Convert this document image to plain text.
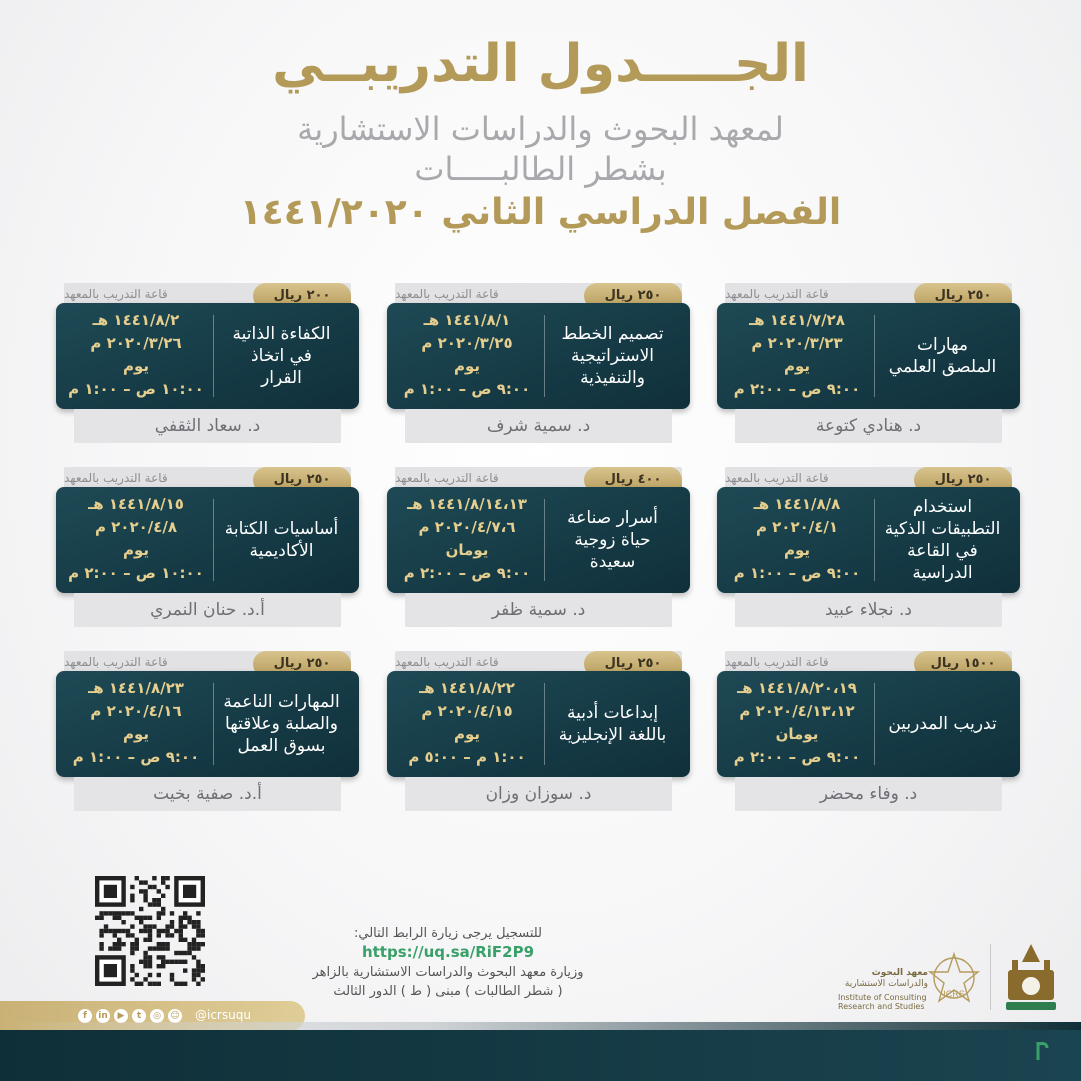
الجـــــدول التدريبــي
لمعهد البحوث والدراسات الاستشارية
بشطر الطالبـــــات
الفصل الدراسي الثاني ١٤٤١/٢٠٢٠
قاعة التدريب بالمعهد	٢٥٠ ريال
مهارات
الملصق العلمي
١٤٤١/٧/٢٨ هـ
٢٠٢٠/٣/٢٣ م
يوم
٩:٠٠ ص – ٢:٠٠ م
د. هنادي كتوعة
قاعة التدريب بالمعهد	٢٥٠ ريال
تصميم الخطط
الاستراتيجية
والتنفيذية
١٤٤١/٨/١ هـ
٢٠٢٠/٣/٢٥ م
يوم
٩:٠٠ ص – ١:٠٠ م
د. سمية شرف
قاعة التدريب بالمعهد	٢٠٠ ريال
الكفاءة الذاتية
في اتخاذ
القرار
١٤٤١/٨/٢ هـ
٢٠٢٠/٣/٢٦ م
يوم
١٠:٠٠ ص – ١:٠٠ م
د. سعاد الثقفي
قاعة التدريب بالمعهد	٢٥٠ ريال
استخدام
التطبيقات الذكية
في القاعة الدراسية
١٤٤١/٨/٨ هـ
٢٠٢٠/٤/١ م
يوم
٩:٠٠ ص – ١:٠٠ م
د. نجلاء عبيد
قاعة التدريب بالمعهد	٤٠٠ ريال
أسرار صناعة
حياة زوجية
سعيدة
١٤٤١/٨/١٤،١٣ هـ
٢٠٢٠/٤/٧،٦ م
يومان
٩:٠٠ ص – ٢:٠٠ م
د. سمية ظفر
قاعة التدريب بالمعهد	٢٥٠ ريال
أساسيات الكتابة
الأكاديمية
١٤٤١/٨/١٥ هـ
٢٠٢٠/٤/٨ م
يوم
١٠:٠٠ ص – ٢:٠٠ م
أ.د. حنان النمري
قاعة التدريب بالمعهد	١٥٠٠ ريال
تدريب المدربين
١٤٤١/٨/٢٠،١٩ هـ
٢٠٢٠/٤/١٣،١٢ م
يومان
٩:٠٠ ص – ٢:٠٠ م
د. وفاء محضر
قاعة التدريب بالمعهد	٢٥٠ ريال
إبداعات أدبية
باللغة الإنجليزية
١٤٤١/٨/٢٢ هـ
٢٠٢٠/٤/١٥ م
يوم
١:٠٠ م – ٥:٠٠ م
د. سوزان وزان
قاعة التدريب بالمعهد	٢٥٠ ريال
المهارات الناعمة
والصلبة وعلاقتها
بسوق العمل
١٤٤١/٨/٢٣ هـ
٢٠٢٠/٤/١٦ م
يوم
٩:٠٠ ص – ١:٠٠ م
أ.د. صفية بخيت
للتسجيل يرجى زيارة الرابط التالي:
https://uq.sa/RiF2P9
وزيارة معهد البحوث والدراسات الاستشارية بالزاهر
( شطر الطالبات ) مبنى ( ط ) الدور الثالث	ICRS
معهد البحوث
والدراسات الاستشارية
Institute of Consulting
Research and Studies
f	in	▶	t	◎	☺ @icrsuqu
